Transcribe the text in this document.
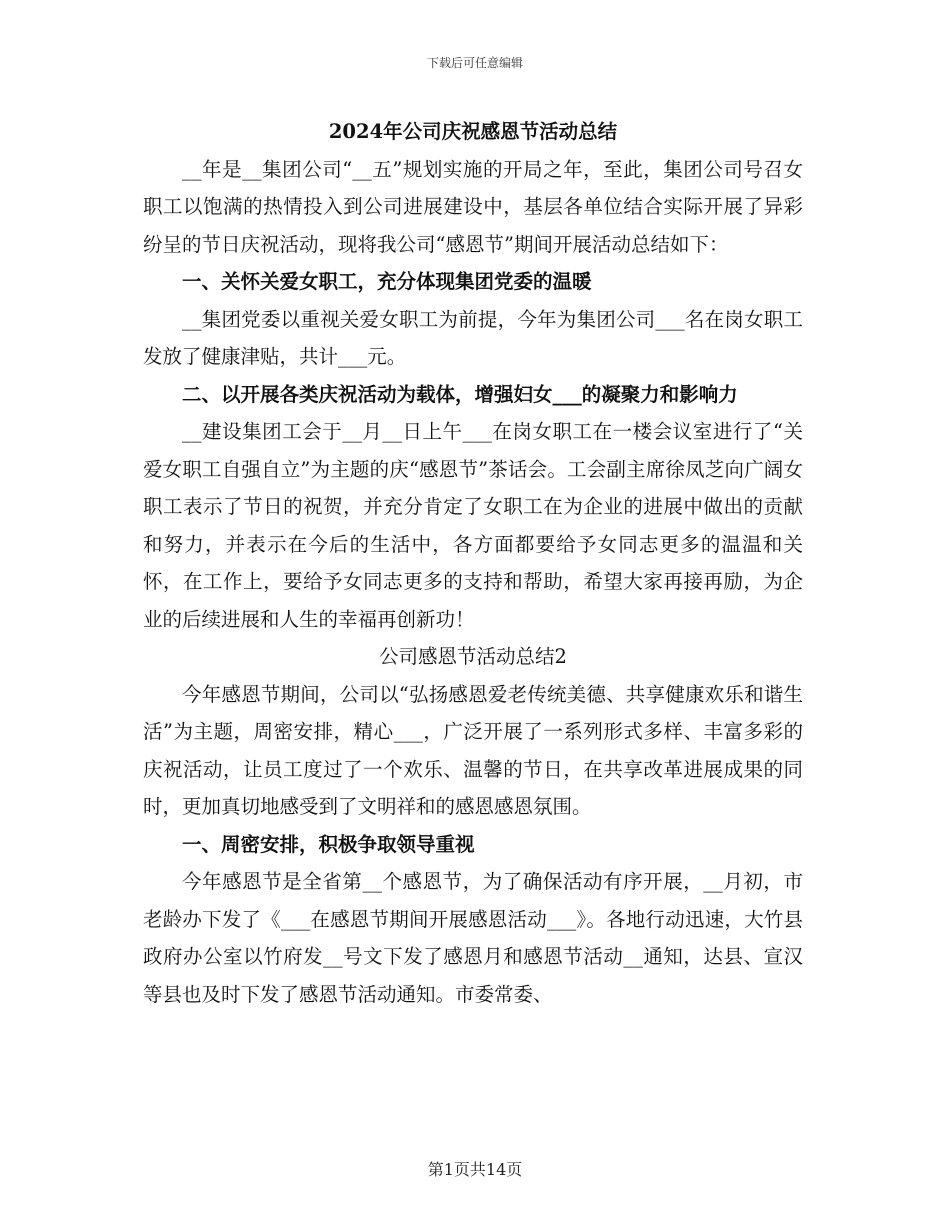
下载后可任意编辑
2024年公司庆祝感恩节活动总结

__年是__集团公司“__五”规划实施的开局之年，至此，集团公司号召女职工以饱满的热情投入到公司进展建设中，基层各单位结合实际开展了异彩纷呈的节日庆祝活动，现将我公司“感恩节”期间开展活动总结如下：

一、关怀关爱女职工，充分体现集团党委的温暖

__集团党委以重视关爱女职工为前提，今年为集团公司___名在岗女职工发放了健康津贴，共计___元。

二、以开展各类庆祝活动为载体，增强妇女___的凝聚力和影响力

__建设集团工会于__月__日上午___在岗女职工在一楼会议室进行了“关爱女职工自强自立”为主题的庆“感恩节”茶话会。工会副主席徐凤芝向广阔女职工表示了节日的祝贺，并充分肯定了女职工在为企业的进展中做出的贡献和努力，并表示在今后的生活中，各方面都要给予女同志更多的温温和关怀，在工作上，要给予女同志更多的支持和帮助，希望大家再接再励，为企业的后续进展和人生的幸福再创新功！

公司感恩节活动总结2

今年感恩节期间，公司以“弘扬感恩爱老传统美德、共享健康欢乐和谐生活”为主题，周密安排，精心___，广泛开展了一系列形式多样、丰富多彩的庆祝活动，让员工度过了一个欢乐、温馨的节日，在共享改革进展成果的同时，更加真切地感受到了文明祥和的感恩感恩氛围。

一、周密安排，积极争取领导重视

今年感恩节是全省第__个感恩节，为了确保活动有序开展，__月初，市老龄办下发了《___在感恩节期间开展感恩活动___》。各地行动迅速，大竹县政府办公室以竹府发__号文下发了感恩月和感恩节活动__通知，达县、宣汉等县也及时下发了感恩节活动通知。市委常委、

第1页共14页
